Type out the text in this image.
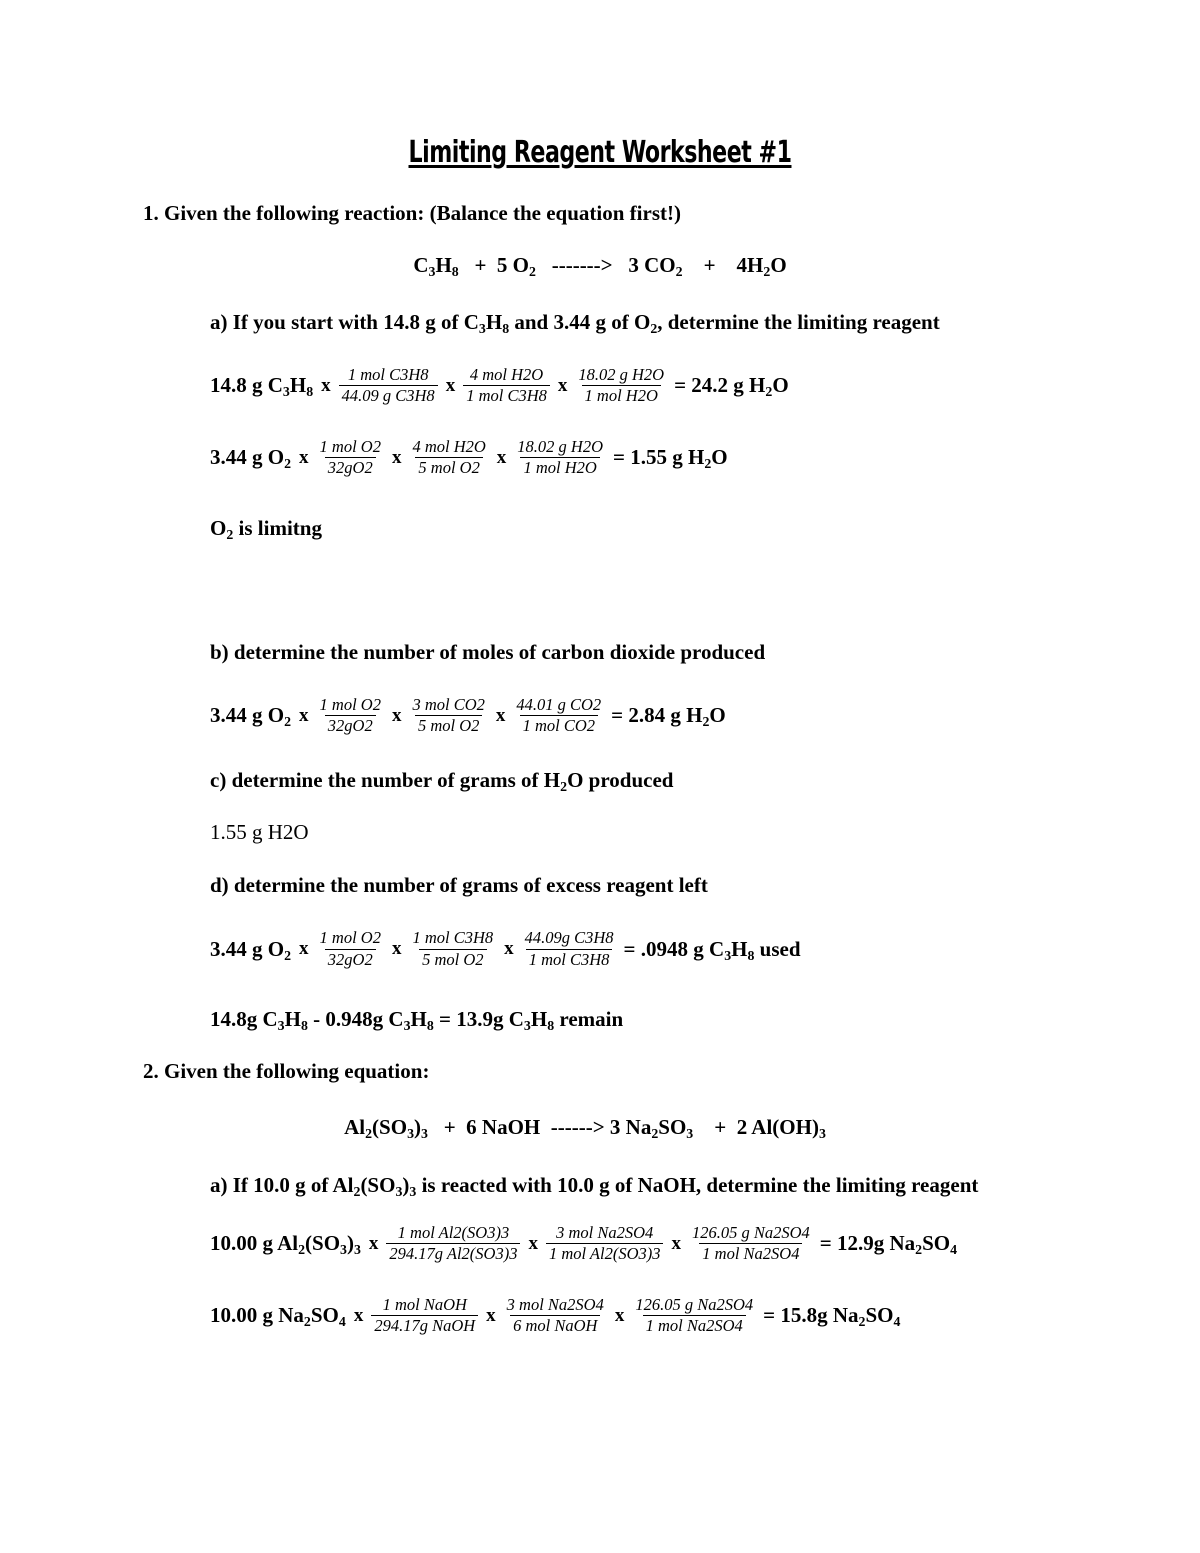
Limiting Reagent Worksheet #1

1. Given the following reaction: (Balance the equation first!)

$C_3H_8 + 5$ $O_2$   ------->   3 $CO_2$    +    $4H_2O$

a) If you start with 14.8 g of $C_3H_8$ and 3.44 g of $O_2$, determine the limiting reagent

14.8 g $C_3H_8$ x $\frac{\text{1 mol C3H8}}{\text{44.09 g C3H8}}$ x $\frac{\text{4 mol H2O}}{\text{1 mol C3H8}}$ x $\frac{\text{18.02 g H2O}}{\text{1 mol H2O}} = 24.2$ g $H_2O$
3.44 g $O_2$ x $\frac{\text{1 mol O2}}{32gO2}$ x $\frac{\text{4 mol H2O}}{\text{5 mol O2}}$ x $\frac{\text{18.02 g H2O}}{\text{1 mol H2O}} = 1.55$ g $H_2O$

$O_2$ is limitng

b) determine the number of moles of carbon dioxide produced

3.44 g $O_2$ x $\frac{\text{1 mol O2}}{32gO2}$ x $\frac{\text{3 mol CO2}}{\text{5 mol O2}}$ x $\frac{\text{44.01 g CO2}}{\text{1 mol CO2}} = 2.84$ g $H_2O$

c) determine the number of grams of $H_2O$ produced

1.55 g H2O

d) determine the number of grams of excess reagent left

3.44 g $O_2$ x $\frac{\text{1 mol O2}}{32gO2}$ x $\frac{\text{1 mol C3H8}}{\text{5 mol O2}}$ x $\frac{\text{44.09g C3H8}}{\text{1 mol C3H8}} = .0948$ g $C_3H_8$ used

14.8g $C_3H_8 - 0.948g$ $C_3H_8 = 13.9g$ $C_3H_8$ remain

2. Given the following equation:

$Al_2(SO_3)_3 + 6$ NaOH  ------> 3 $Na_2SO_3$    +  2 $Al(OH)_3$

a) If 10.0 g of $Al_2(SO_3)_3$ is reacted with 10.0 g of NaOH, determine the limiting reagent

10.00 g $Al_2(SO_3)_3$ x $\frac{\text{1 mol Al2(SO3)3}}{\text{294.17g Al2(SO3)3}}$ x $\frac{\text{3 mol Na2SO4}}{\text{1 mol Al2(SO3)3}}$ x $\frac{\text{126.05 g Na2SO4}}{\text{1 mol Na2SO4}} = 12.9g$ $Na_2SO_4$
10.00 g $Na_2SO_4$ x $\frac{\text{1 mol NaOH}}{\text{294.17g NaOH}}$ x $\frac{\text{3 mol Na2SO4}}{\text{6 mol NaOH}}$ x $\frac{\text{126.05 g Na2SO4}}{\text{1 mol Na2SO4}} = 15.8g$ $Na_2SO_4$
